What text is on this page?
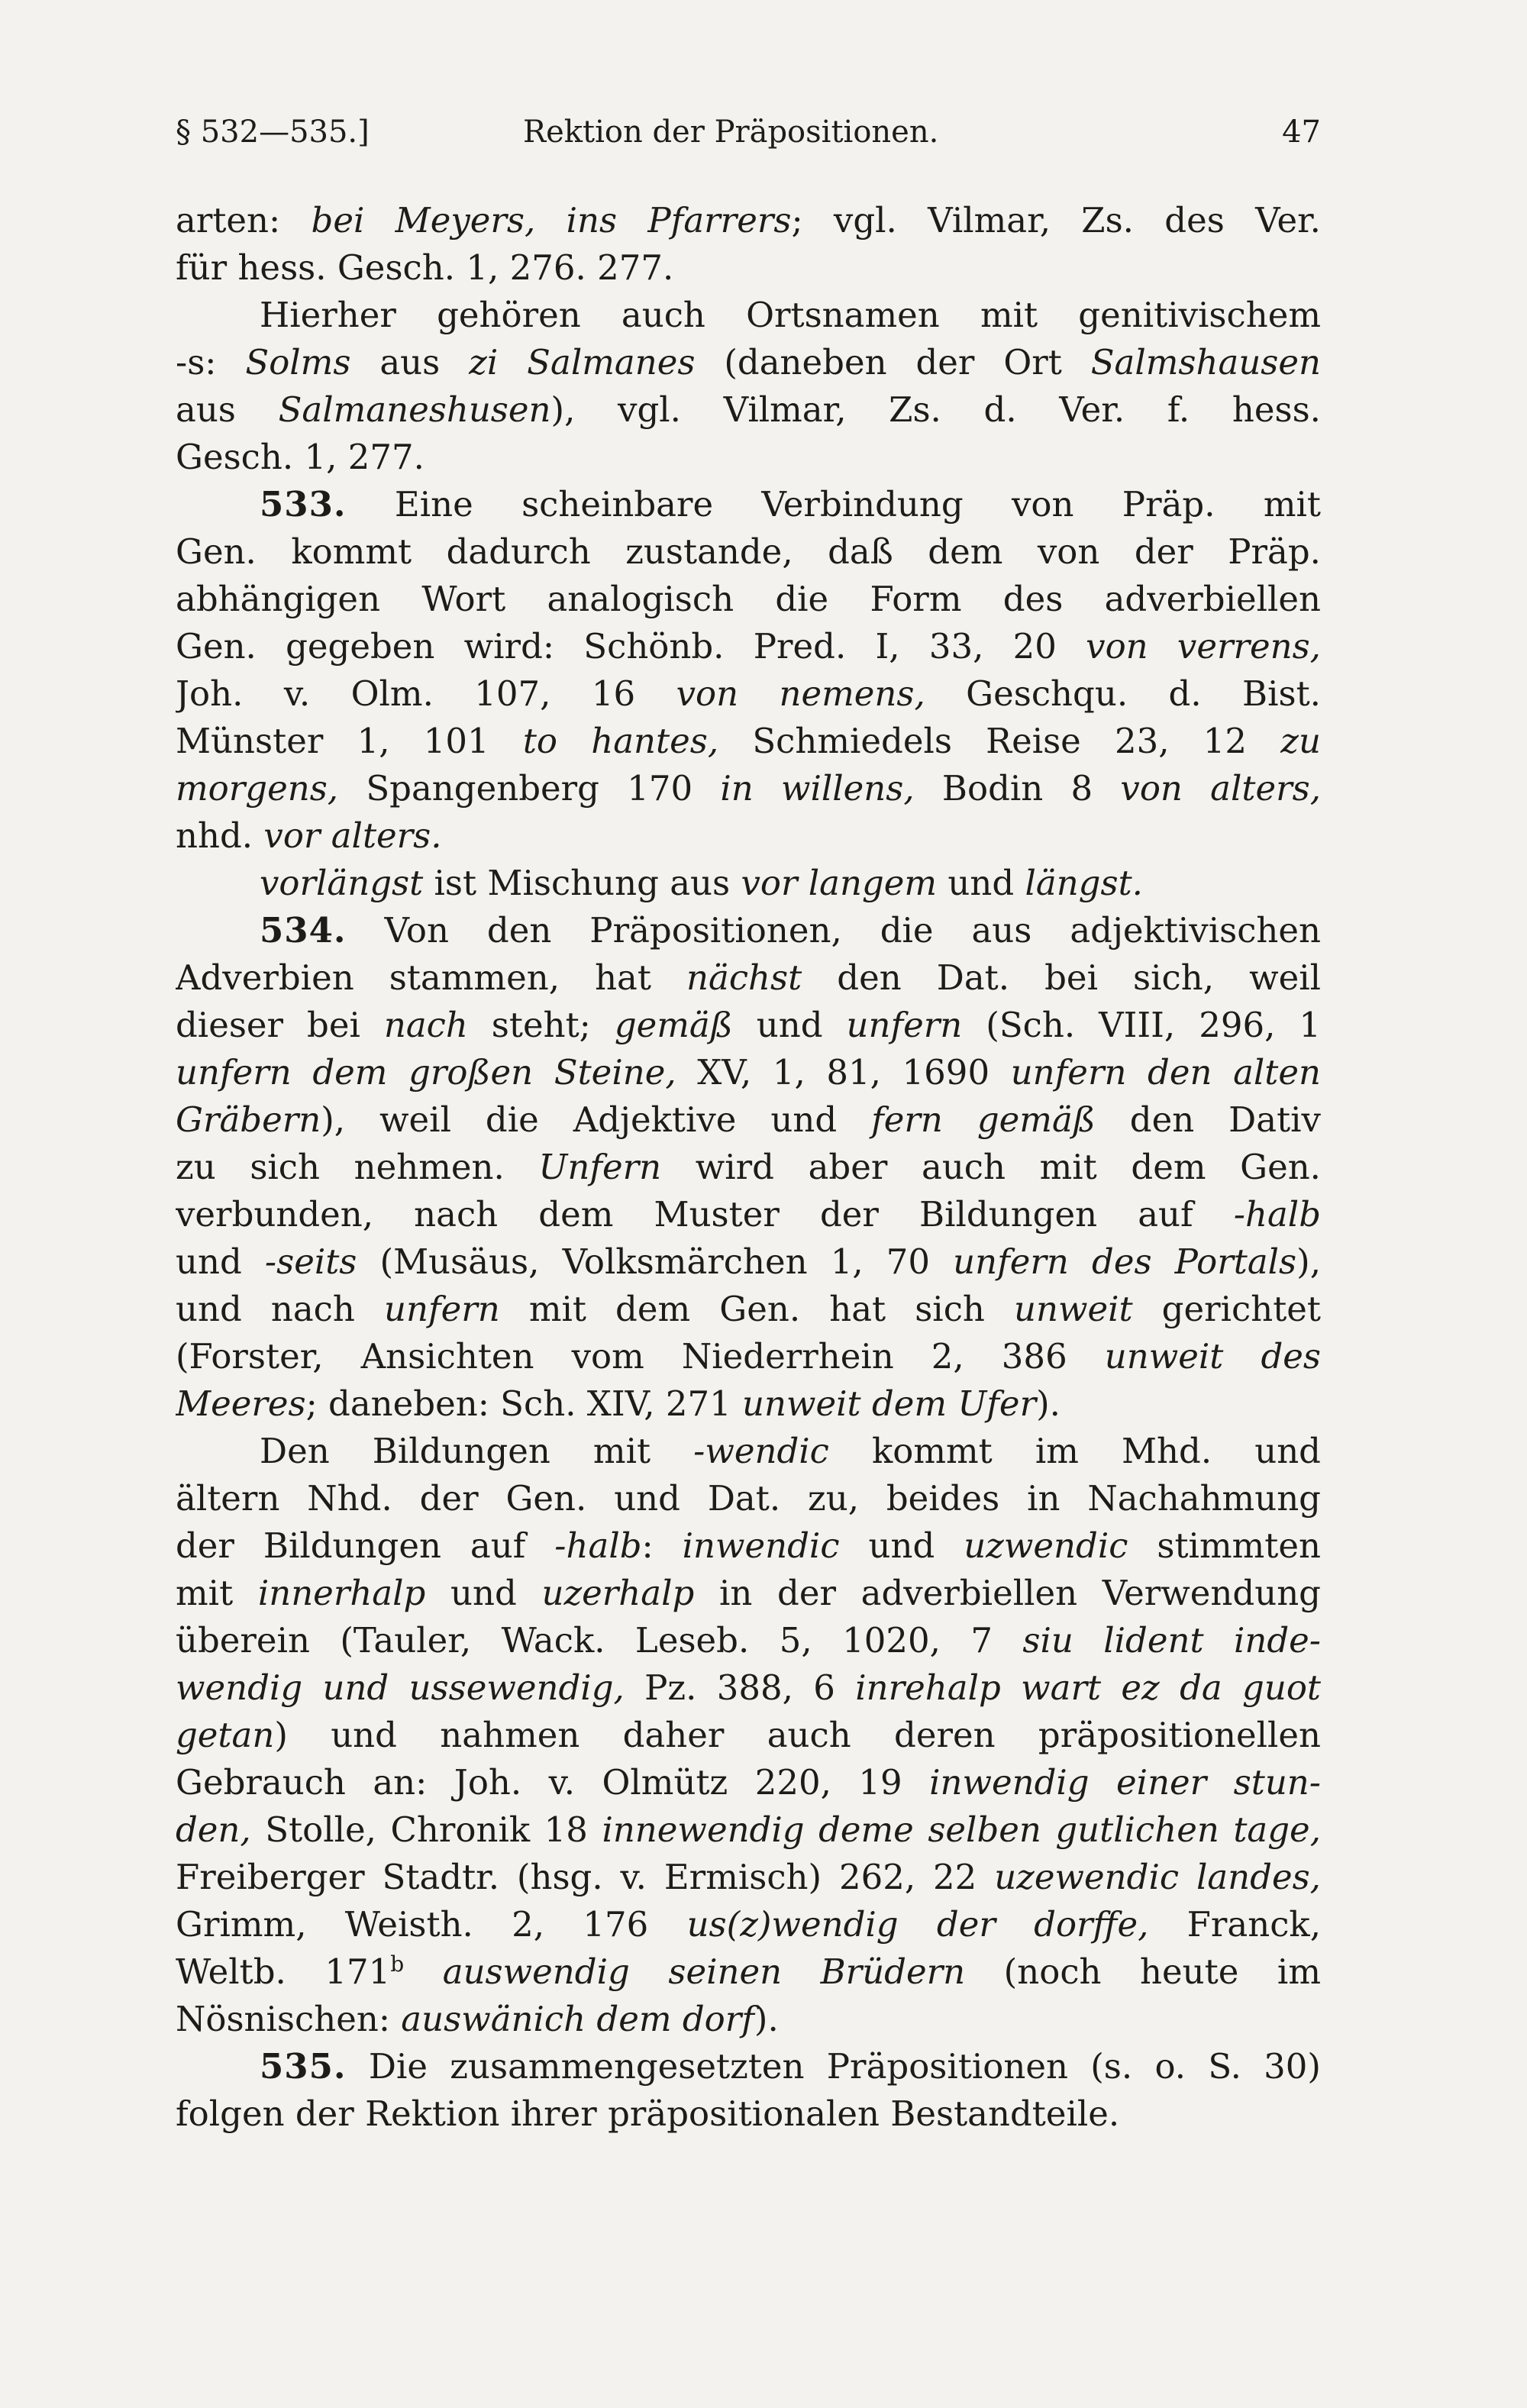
§ 532—535.]	Rektion der Präpositionen.	47
arten: bei Meyers, ins Pfarrers; vgl. Vilmar, Zs. des Ver.
für hess. Gesch. 1, 276. 277.
Hierher gehören auch Ortsnamen mit genitivischem
-s: Solms aus zi Salmanes (daneben der Ort Salmshausen
aus Salmaneshusen), vgl. Vilmar, Zs. d. Ver. f. hess.
Gesch. 1, 277.
533. Eine scheinbare Verbindung von Präp. mit
Gen. kommt dadurch zustande, daß dem von der Präp.
abhängigen Wort analogisch die Form des adverbiellen
Gen. gegeben wird: Schönb. Pred. I, 33, 20 von verrens,
Joh. v. Olm. 107, 16 von nemens, Geschqu. d. Bist.
Münster 1, 101 to hantes, Schmiedels Reise 23, 12 zu
morgens, Spangenberg 170 in willens, Bodin 8 von alters,
nhd. vor alters.
vorlängst ist Mischung aus vor langem und längst.
534. Von den Präpositionen, die aus adjektivischen
Adverbien stammen, hat nächst den Dat. bei sich, weil
dieser bei nach steht; gemäß und unfern (Sch. VIII, 296, 1
unfern dem großen Steine, XV, 1, 81, 1690 unfern den alten
Gräbern), weil die Adjektive und fern gemäß den Dativ
zu sich nehmen. Unfern wird aber auch mit dem Gen.
verbunden, nach dem Muster der Bildungen auf -halb
und -seits (Musäus, Volksmärchen 1, 70 unfern des Portals),
und nach unfern mit dem Gen. hat sich unweit gerichtet
(Forster, Ansichten vom Niederrhein 2, 386 unweit des
Meeres; daneben: Sch. XIV, 271 unweit dem Ufer).
Den Bildungen mit -wendic kommt im Mhd. und
ältern Nhd. der Gen. und Dat. zu, beides in Nachahmung
der Bildungen auf -halb: inwendic und uzwendic stimmten
mit innerhalp und uzerhalp in der adverbiellen Verwendung
überein (Tauler, Wack. Leseb. 5, 1020, 7 siu lident inde-
wendig und ussewendig, Pz. 388, 6 inrehalp wart ez da guot
getan) und nahmen daher auch deren präpositionellen
Gebrauch an: Joh. v. Olmütz 220, 19 inwendig einer stun-
den, Stolle, Chronik 18 innewendig deme selben gutlichen tage,
Freiberger Stadtr. (hsg. v. Ermisch) 262, 22 uzewendic landes,
Grimm, Weisth. 2, 176 us(z)wendig der dorffe, Franck,
Weltb. 171$^b$ auswendig seinen Brüdern (noch heute im
Nösnischen: auswänich dem dorf).
535. Die zusammengesetzten Präpositionen (s. o. S. 30)
folgen der Rektion ihrer präpositionalen Bestandteile.
